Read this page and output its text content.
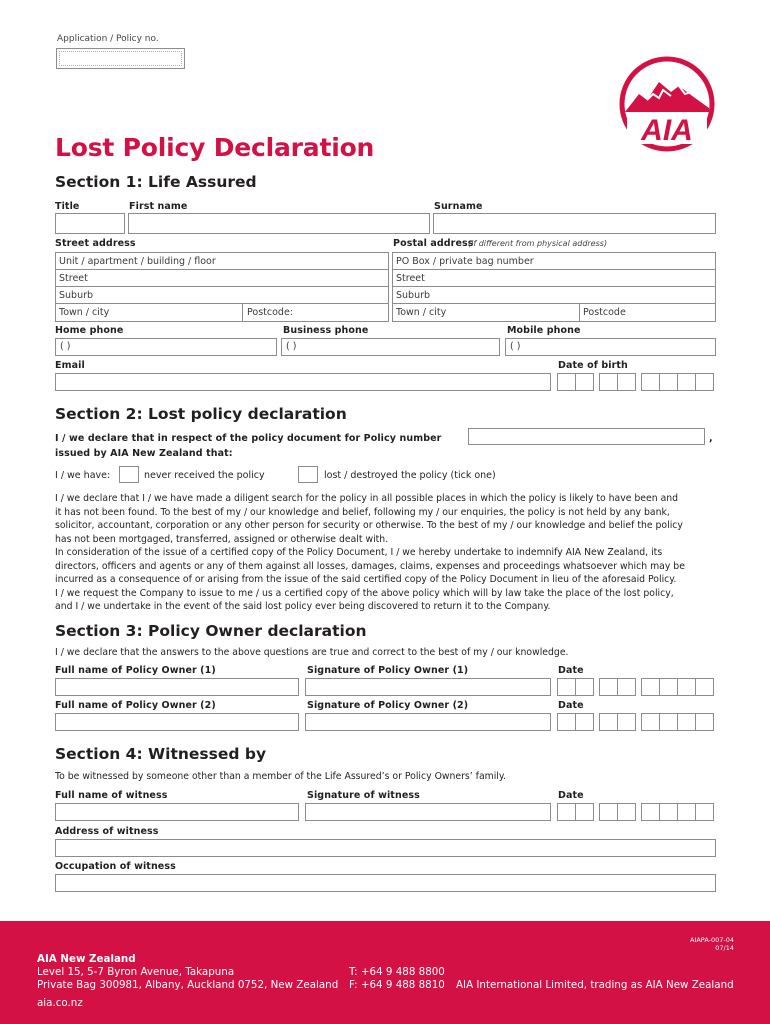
Application / Policy no.
AIA
Lost Policy Declaration
Section 1: Life Assured
Title	First name	Surname
Street address	Postal address
(if different from physical address)
Unit / apartment / building / floor
Street
Suburb
Town / city	Postcode:
PO Box / private bag number
Street
Suburb
Town / city	Postcode
Home phone	Business phone	Mobile phone
( )	( )	( )
Email	Date of birth
Section 2: Lost policy declaration
I / we declare that in respect of the policy document for Policy number	,
issued by AIA New Zealand that:
I / we have:	never received the policy	lost / destroyed the policy (tick one)

I / we declare that I / we have made a diligent search for the policy in all possible places in which the policy is likely to have been and

it has not been found. To the best of my / our knowledge and belief, following my / our enquiries, the policy is not held by any bank,

solicitor, accountant, corporation or any other person for security or otherwise. To the best of my / our knowledge and belief the policy

has not been mortgaged, transferred, assigned or otherwise dealt with.

In consideration of the issue of a certified copy of the Policy Document, I / we hereby undertake to indemnify AIA New Zealand, its

directors, officers and agents or any of them against all losses, damages, claims, expenses and proceedings whatsoever which may be

incurred as a consequence of or arising from the issue of the said certified copy of the Policy Document in lieu of the aforesaid Policy.

I / we request the Company to issue to me / us a certified copy of the above policy which will by law take the place of the lost policy,

and I / we undertake in the event of the said lost policy ever being discovered to return it to the Company.

Section 3: Policy Owner declaration
I / we declare that the answers to the above questions are true and correct to the best of my / our knowledge.
Full name of Policy Owner (1)	Signature of Policy Owner (1)	Date
Full name of Policy Owner (2)	Signature of Policy Owner (2)	Date
Section 4: Witnessed by
To be witnessed by someone other than a member of the Life Assured’s or Policy Owners’ family.
Full name of witness	Signature of witness	Date
Address of witness
Occupation of witness
AIAPA-007-04
07/14
AIA New Zealand
Level 15, 5-7 Byron Avenue, Takapuna
Private Bag 300981, Albany, Auckland 0752, New Zealand
aia.co.nz
T: +64 9 488 8800
F: +64 9 488 8810 AIA International Limited, trading as AIA New Zealand
